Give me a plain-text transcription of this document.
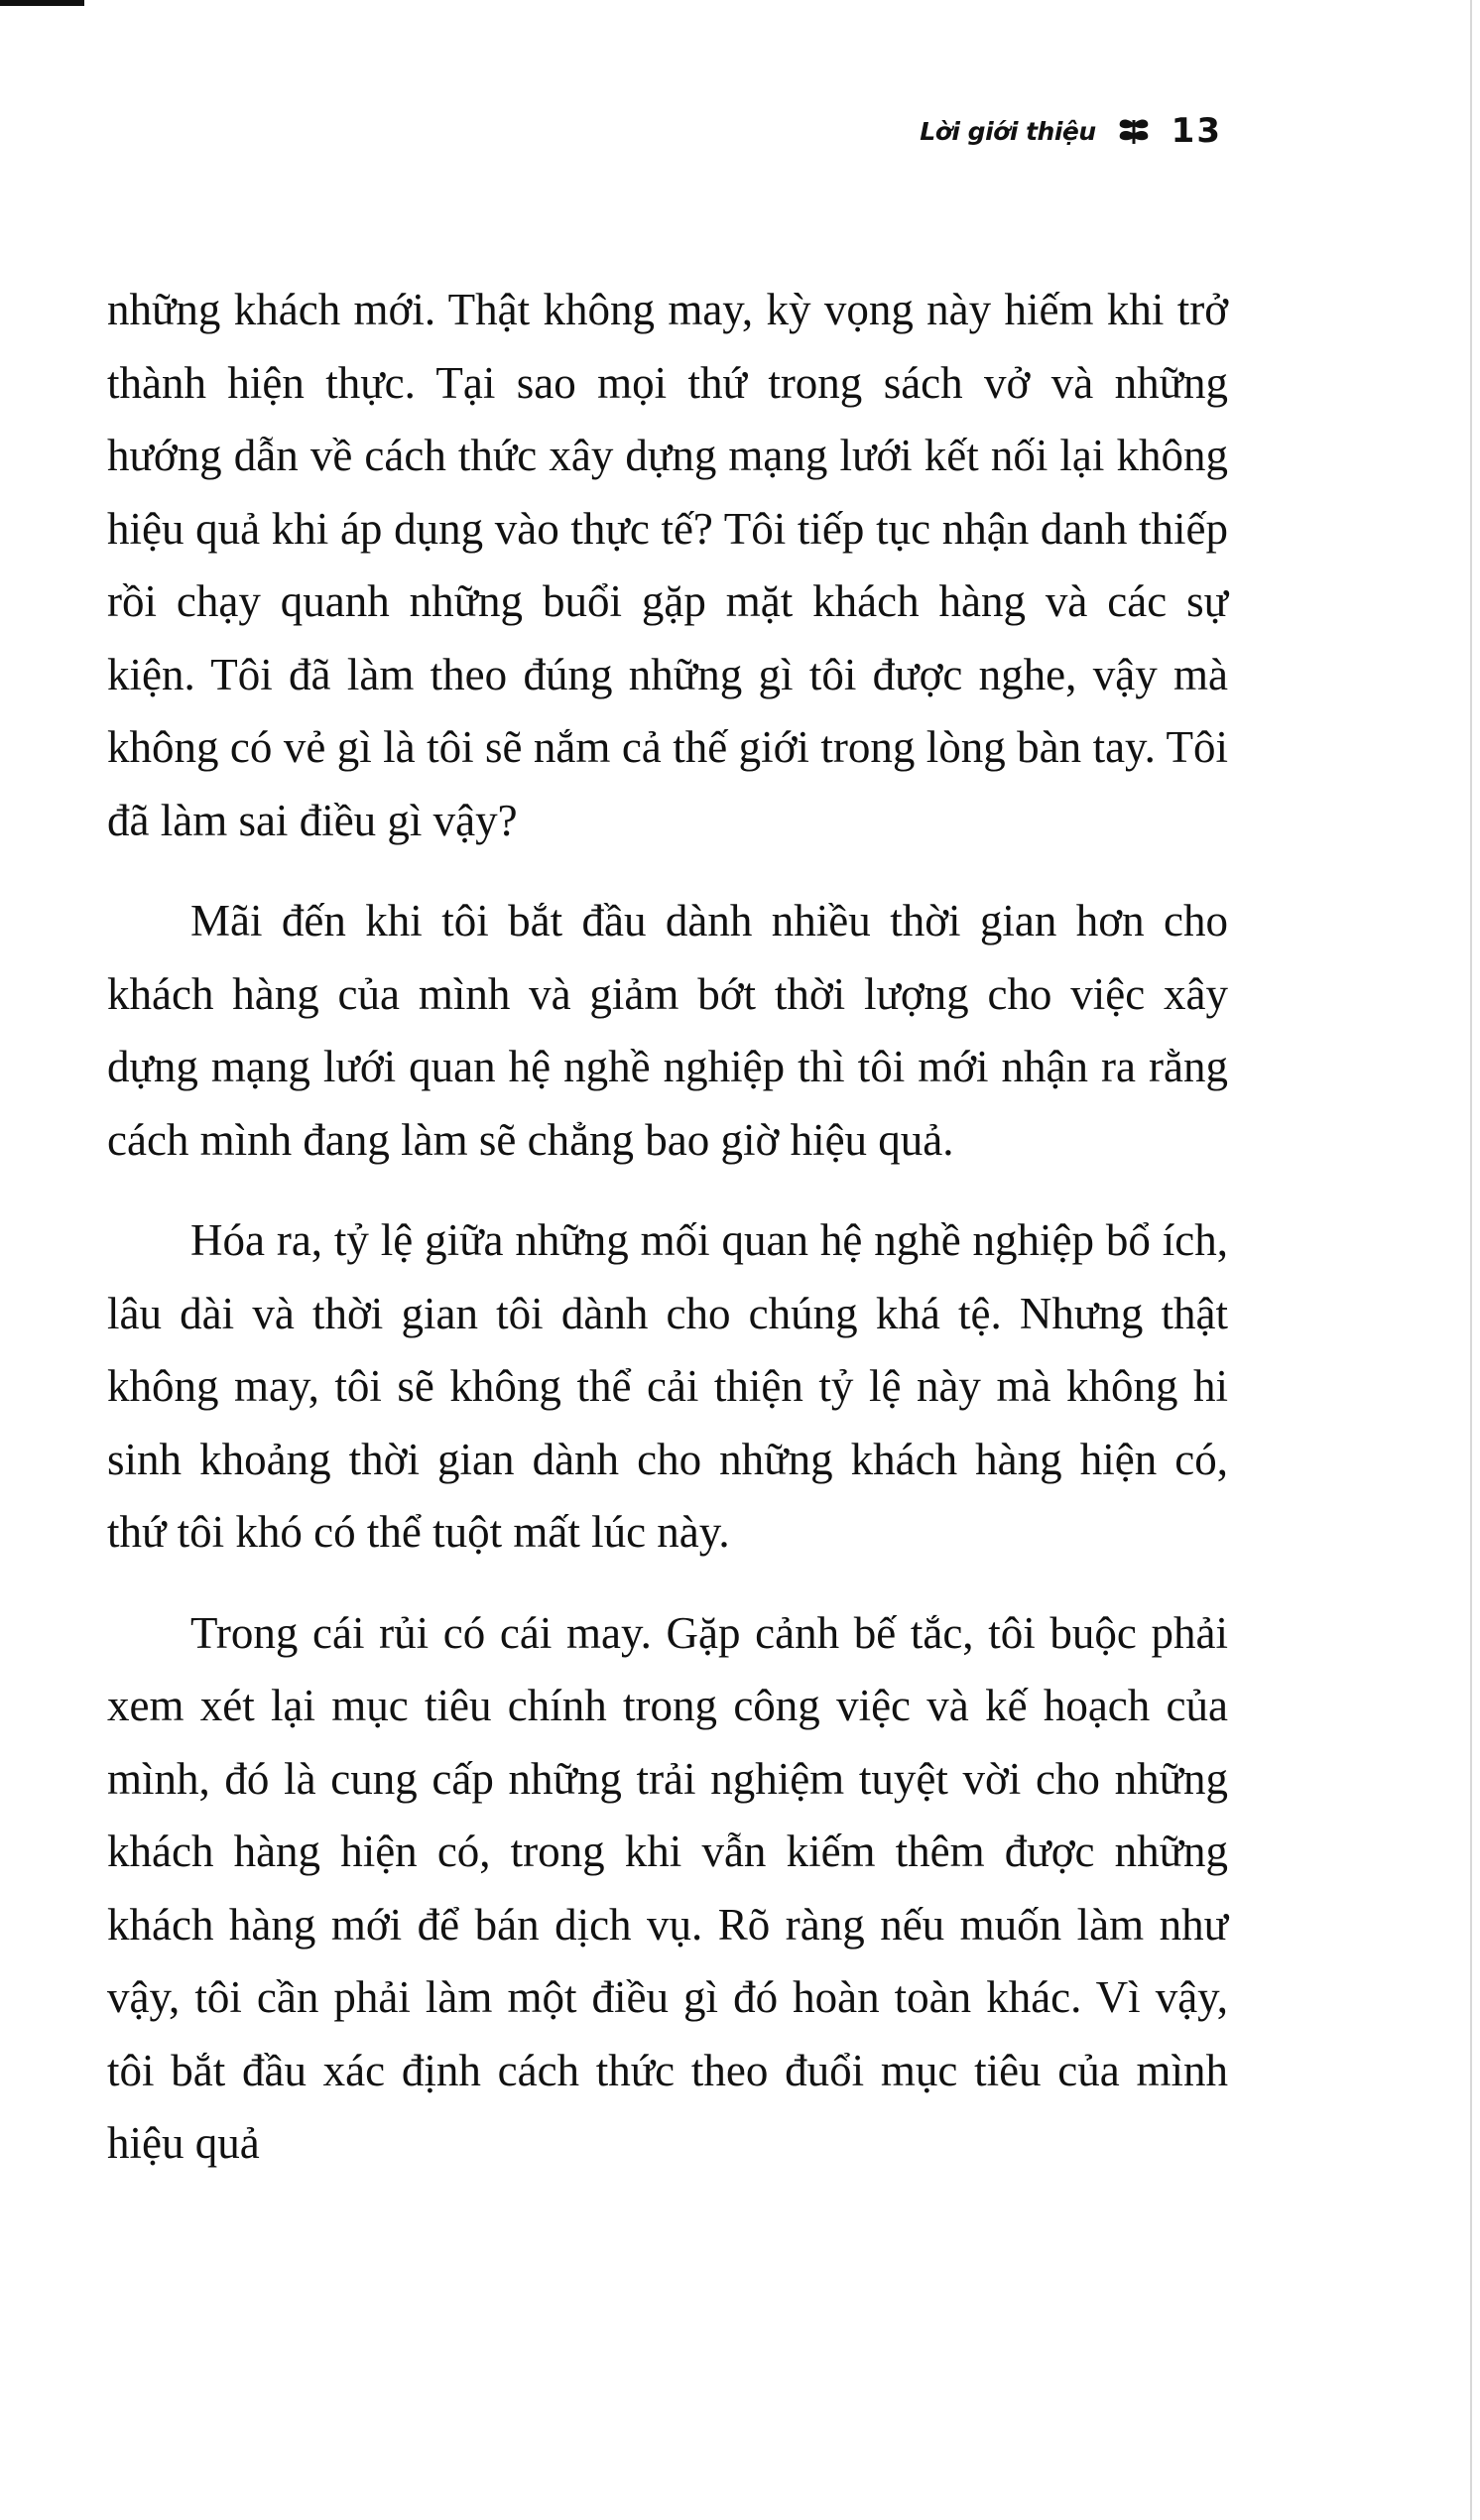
Lời giới thiệu 13

những khách mới. Thật không may, kỳ vọng này hiếm khi trở thành hiện thực. Tại sao mọi thứ trong sách vở và những hướng dẫn về cách thức xây dựng mạng lưới kết nối lại không hiệu quả khi áp dụng vào thực tế? Tôi tiếp tục nhận danh thiếp rồi chạy quanh những buổi gặp mặt khách hàng và các sự kiện. Tôi đã làm theo đúng những gì tôi được nghe, vậy mà không có vẻ gì là tôi sẽ nắm cả thế giới trong lòng bàn tay. Tôi đã làm sai điều gì vậy?

Mãi đến khi tôi bắt đầu dành nhiều thời gian hơn cho khách hàng của mình và giảm bớt thời lượng cho việc xây dựng mạng lưới quan hệ nghề nghiệp thì tôi mới nhận ra rằng cách mình đang làm sẽ chẳng bao giờ hiệu quả.

Hóa ra, tỷ lệ giữa những mối quan hệ nghề nghiệp bổ ích, lâu dài và thời gian tôi dành cho chúng khá tệ. Nhưng thật không may, tôi sẽ không thể cải thiện tỷ lệ này mà không hi sinh khoảng thời gian dành cho những khách hàng hiện có, thứ tôi khó có thể tuột mất lúc này.

Trong cái rủi có cái may. Gặp cảnh bế tắc, tôi buộc phải xem xét lại mục tiêu chính trong công việc và kế hoạch của mình, đó là cung cấp những trải nghiệm tuyệt vời cho những khách hàng hiện có, trong khi vẫn kiếm thêm được những khách hàng mới để bán dịch vụ. Rõ ràng nếu muốn làm như vậy, tôi cần phải làm một điều gì đó hoàn toàn khác. Vì vậy, tôi bắt đầu xác định cách thức theo đuổi mục tiêu của mình hiệu quả
